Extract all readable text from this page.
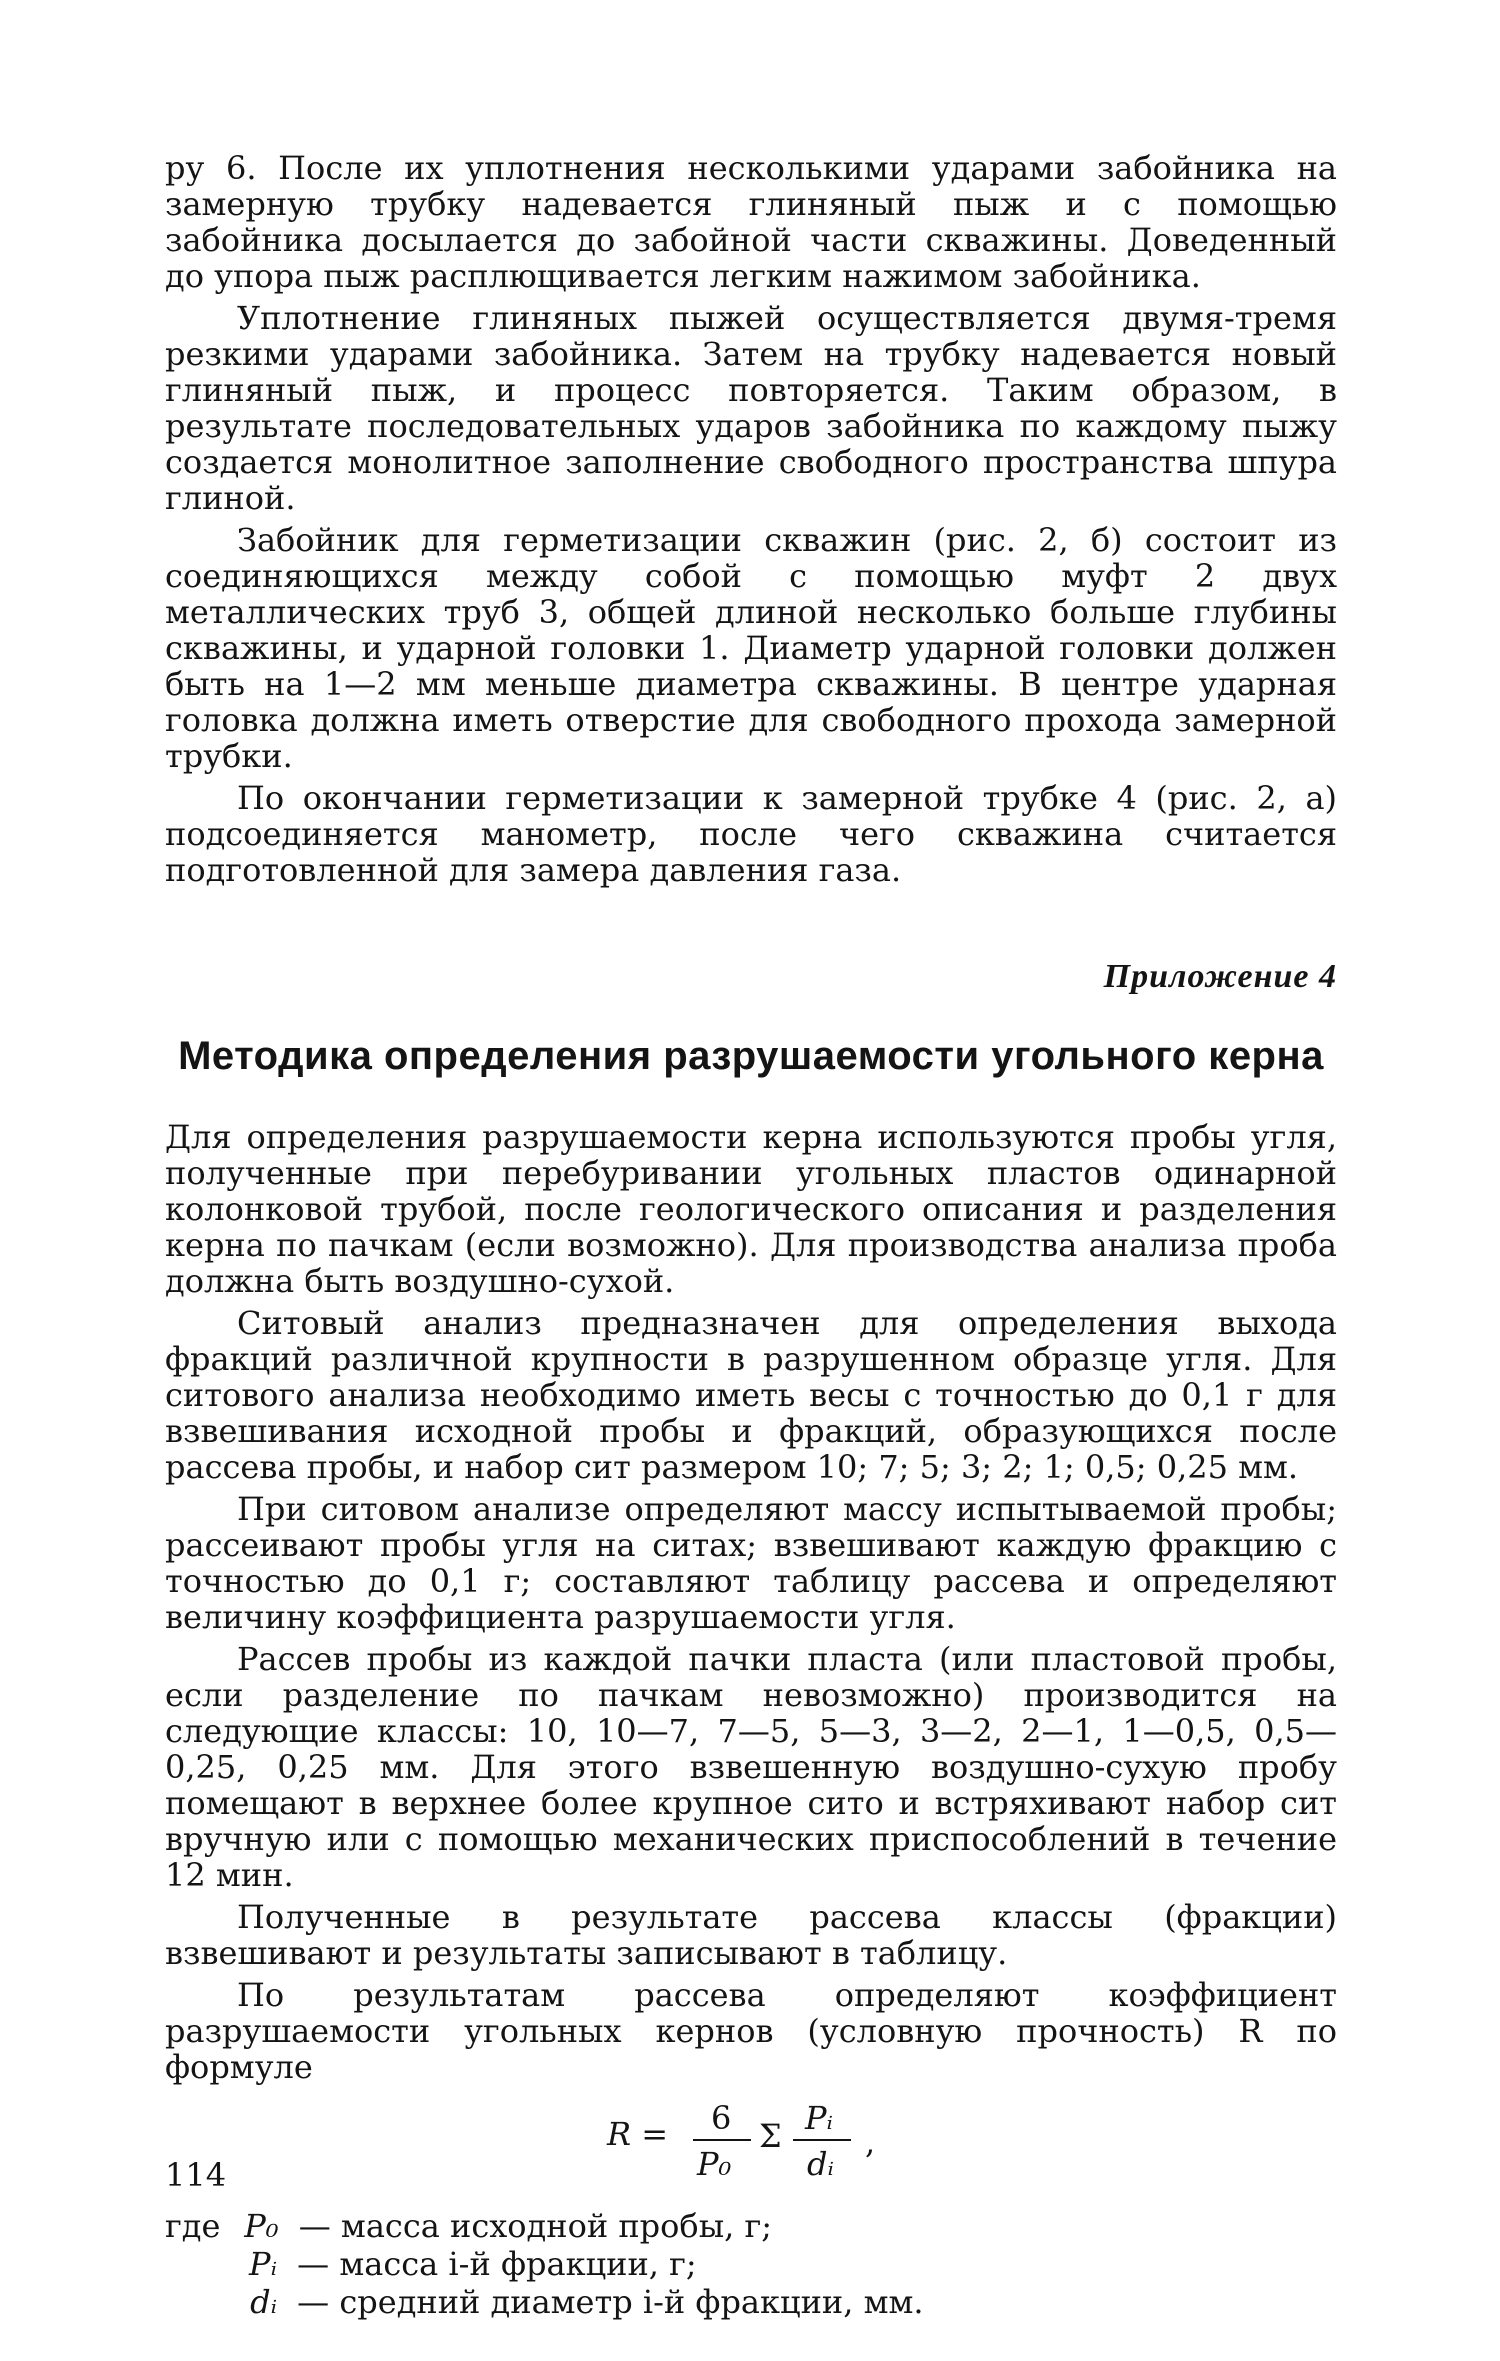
ру 6. После их уплотнения несколькими ударами забойника на замерную трубку надевается глиняный пыж и с помощью забойника досылается до забойной части скважины. Доведенный до упора пыж расплющивается легким нажимом забойника.

Уплотнение глиняных пыжей осуществляется двумя-тремя резкими ударами забойника. Затем на трубку надевается новый глиняный пыж, и процесс повторяется. Таким образом, в результате последовательных ударов забойника по каждому пыжу создается монолитное заполнение свободного пространства шпура глиной.

Забойник для герметизации скважин (рис. 2, б) состоит из соединяющихся между собой с помощью муфт 2 двух металлических труб 3, общей длиной несколько больше глубины скважины, и ударной головки 1. Диаметр ударной головки должен быть на 1—2 мм меньше диаметра скважины. В центре ударная головка должна иметь отверстие для свободного прохода замерной трубки.

По окончании герметизации к замерной трубке 4 (рис. 2, а) подсоединяется манометр, после чего скважина считается подготовленной для замера давления газа.

Приложение 4
Методика определения разрушаемости угольного керна

Для определения разрушаемости керна используются пробы угля, полученные при перебуривании угольных пластов одинарной колонковой трубой, после геологического описания и разделения керна по пачкам (если возможно). Для производства анализа проба должна быть воздушно-сухой.

Ситовый анализ предназначен для определения выхода фракций различной крупности в разрушенном образце угля. Для ситового анализа необходимо иметь весы с точностью до 0,1 г для взвешивания исходной пробы и фракций, образующихся после рассева пробы, и набор сит размером 10; 7; 5; 3; 2; 1; 0,5; 0,25 мм.

При ситовом анализе определяют массу испытываемой пробы; рассеивают пробы угля на ситах; взвешивают каждую фракцию с точностью до 0,1 г; составляют таблицу рассева и определяют величину коэффициента разрушаемости угля.

Рассев пробы из каждой пачки пласта (или пластовой пробы, если разделение по пачкам невозможно) производится на следующие классы: 10, 10—7, 7—5, 5—3, 3—2, 2—1, 1—0,5, 0,5—0,25, 0,25 мм. Для этого взвешенную воздушно-сухую пробу помещают в верхнее более крупное сито и встряхивают набор сит вручную или с помощью механических приспособлений в течение 12 мин.

Полученные в результате рассева классы (фракции) взвешивают и результаты записывают в таблицу.

По результатам рассева определяют коэффициент разрушаемости угольных кернов (условную прочность) R по формуле

R = 6
P₀
Σ Pᵢ
dᵢ
,
где P₀ — масса исходной пробы, г;
Pᵢ — масса i-й фракции, г;
dᵢ — средний диаметр i-й фракции, мм.
114
